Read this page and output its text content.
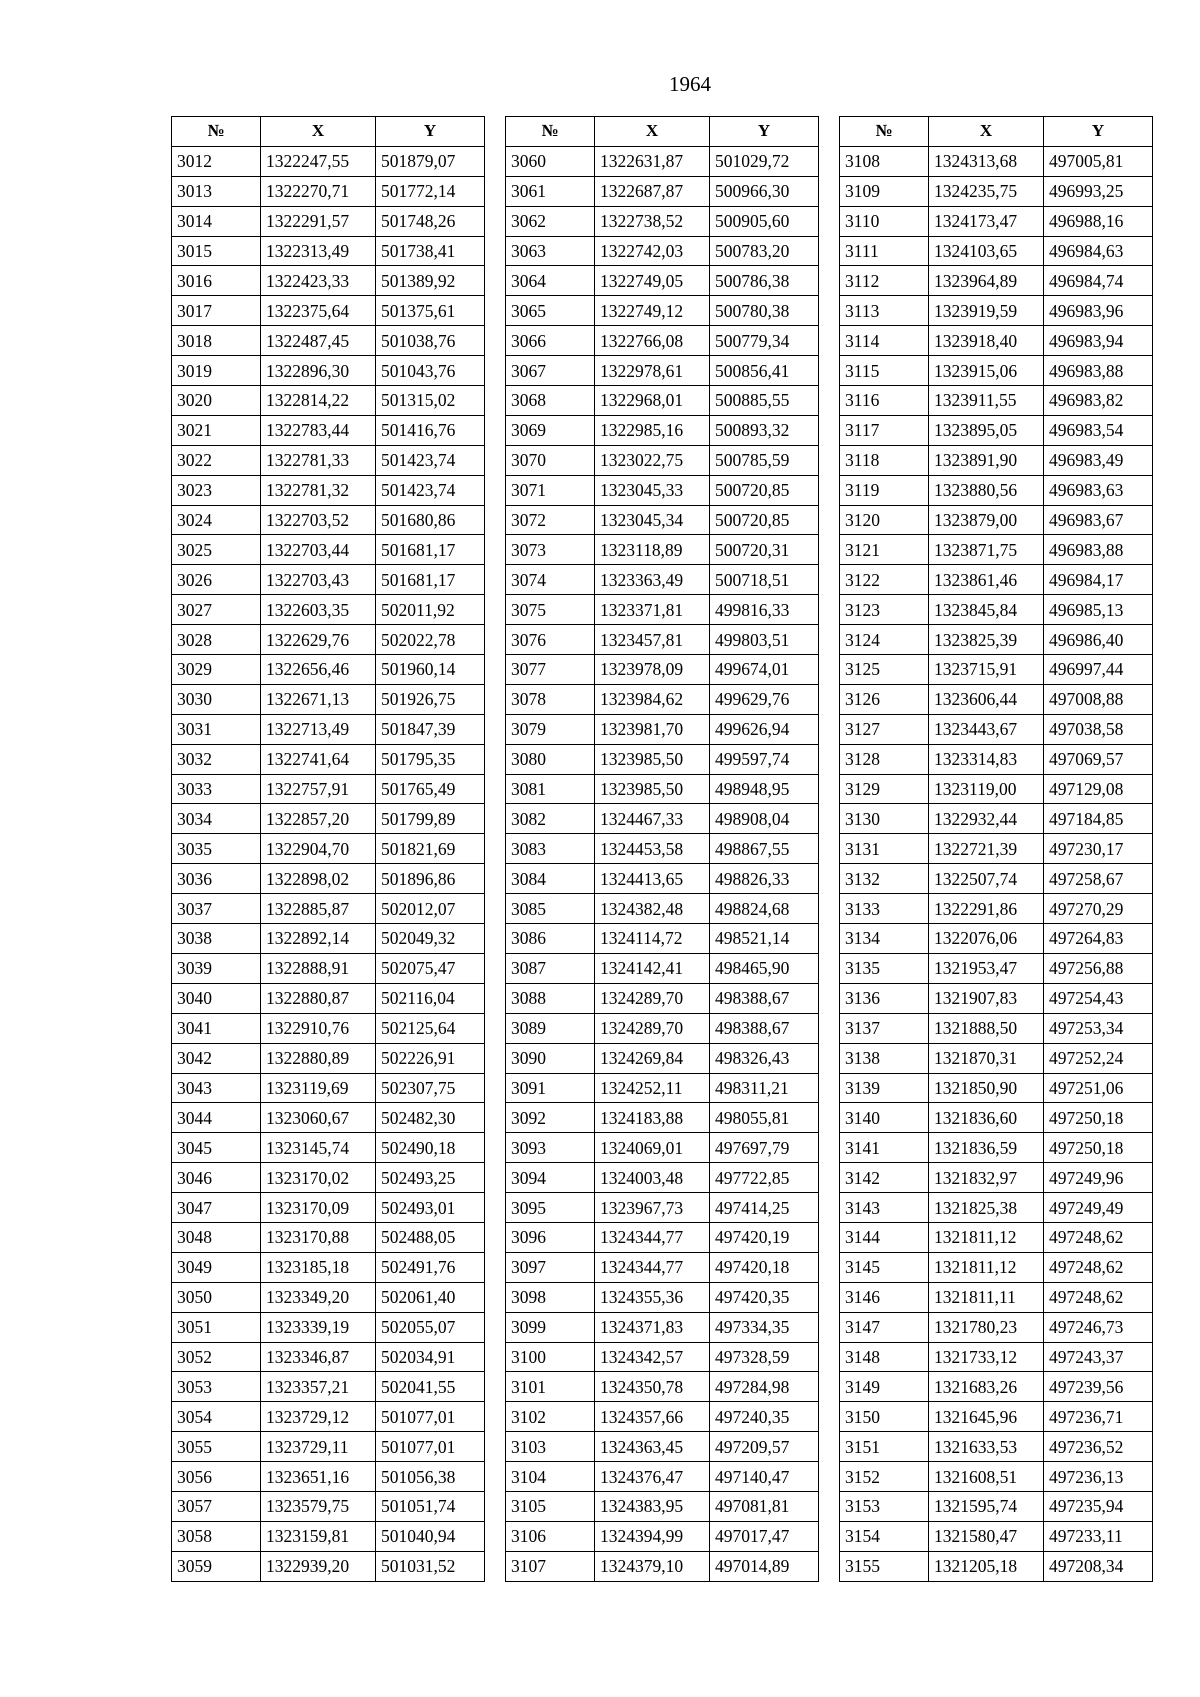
1964
№	X	Y
3012	1322247,55	501879,07
3013	1322270,71	501772,14
3014	1322291,57	501748,26
3015	1322313,49	501738,41
3016	1322423,33	501389,92
3017	1322375,64	501375,61
3018	1322487,45	501038,76
3019	1322896,30	501043,76
3020	1322814,22	501315,02
3021	1322783,44	501416,76
3022	1322781,33	501423,74
3023	1322781,32	501423,74
3024	1322703,52	501680,86
3025	1322703,44	501681,17
3026	1322703,43	501681,17
3027	1322603,35	502011,92
3028	1322629,76	502022,78
3029	1322656,46	501960,14
3030	1322671,13	501926,75
3031	1322713,49	501847,39
3032	1322741,64	501795,35
3033	1322757,91	501765,49
3034	1322857,20	501799,89
3035	1322904,70	501821,69
3036	1322898,02	501896,86
3037	1322885,87	502012,07
3038	1322892,14	502049,32
3039	1322888,91	502075,47
3040	1322880,87	502116,04
3041	1322910,76	502125,64
3042	1322880,89	502226,91
3043	1323119,69	502307,75
3044	1323060,67	502482,30
3045	1323145,74	502490,18
3046	1323170,02	502493,25
3047	1323170,09	502493,01
3048	1323170,88	502488,05
3049	1323185,18	502491,76
3050	1323349,20	502061,40
3051	1323339,19	502055,07
3052	1323346,87	502034,91
3053	1323357,21	502041,55
3054	1323729,12	501077,01
3055	1323729,11	501077,01
3056	1323651,16	501056,38
3057	1323579,75	501051,74
3058	1323159,81	501040,94
3059	1322939,20	501031,52
№	X	Y
3060	1322631,87	501029,72
3061	1322687,87	500966,30
3062	1322738,52	500905,60
3063	1322742,03	500783,20
3064	1322749,05	500786,38
3065	1322749,12	500780,38
3066	1322766,08	500779,34
3067	1322978,61	500856,41
3068	1322968,01	500885,55
3069	1322985,16	500893,32
3070	1323022,75	500785,59
3071	1323045,33	500720,85
3072	1323045,34	500720,85
3073	1323118,89	500720,31
3074	1323363,49	500718,51
3075	1323371,81	499816,33
3076	1323457,81	499803,51
3077	1323978,09	499674,01
3078	1323984,62	499629,76
3079	1323981,70	499626,94
3080	1323985,50	499597,74
3081	1323985,50	498948,95
3082	1324467,33	498908,04
3083	1324453,58	498867,55
3084	1324413,65	498826,33
3085	1324382,48	498824,68
3086	1324114,72	498521,14
3087	1324142,41	498465,90
3088	1324289,70	498388,67
3089	1324289,70	498388,67
3090	1324269,84	498326,43
3091	1324252,11	498311,21
3092	1324183,88	498055,81
3093	1324069,01	497697,79
3094	1324003,48	497722,85
3095	1323967,73	497414,25
3096	1324344,77	497420,19
3097	1324344,77	497420,18
3098	1324355,36	497420,35
3099	1324371,83	497334,35
3100	1324342,57	497328,59
3101	1324350,78	497284,98
3102	1324357,66	497240,35
3103	1324363,45	497209,57
3104	1324376,47	497140,47
3105	1324383,95	497081,81
3106	1324394,99	497017,47
3107	1324379,10	497014,89
№	X	Y
3108	1324313,68	497005,81
3109	1324235,75	496993,25
3110	1324173,47	496988,16
3111	1324103,65	496984,63
3112	1323964,89	496984,74
3113	1323919,59	496983,96
3114	1323918,40	496983,94
3115	1323915,06	496983,88
3116	1323911,55	496983,82
3117	1323895,05	496983,54
3118	1323891,90	496983,49
3119	1323880,56	496983,63
3120	1323879,00	496983,67
3121	1323871,75	496983,88
3122	1323861,46	496984,17
3123	1323845,84	496985,13
3124	1323825,39	496986,40
3125	1323715,91	496997,44
3126	1323606,44	497008,88
3127	1323443,67	497038,58
3128	1323314,83	497069,57
3129	1323119,00	497129,08
3130	1322932,44	497184,85
3131	1322721,39	497230,17
3132	1322507,74	497258,67
3133	1322291,86	497270,29
3134	1322076,06	497264,83
3135	1321953,47	497256,88
3136	1321907,83	497254,43
3137	1321888,50	497253,34
3138	1321870,31	497252,24
3139	1321850,90	497251,06
3140	1321836,60	497250,18
3141	1321836,59	497250,18
3142	1321832,97	497249,96
3143	1321825,38	497249,49
3144	1321811,12	497248,62
3145	1321811,12	497248,62
3146	1321811,11	497248,62
3147	1321780,23	497246,73
3148	1321733,12	497243,37
3149	1321683,26	497239,56
3150	1321645,96	497236,71
3151	1321633,53	497236,52
3152	1321608,51	497236,13
3153	1321595,74	497235,94
3154	1321580,47	497233,11
3155	1321205,18	497208,34
